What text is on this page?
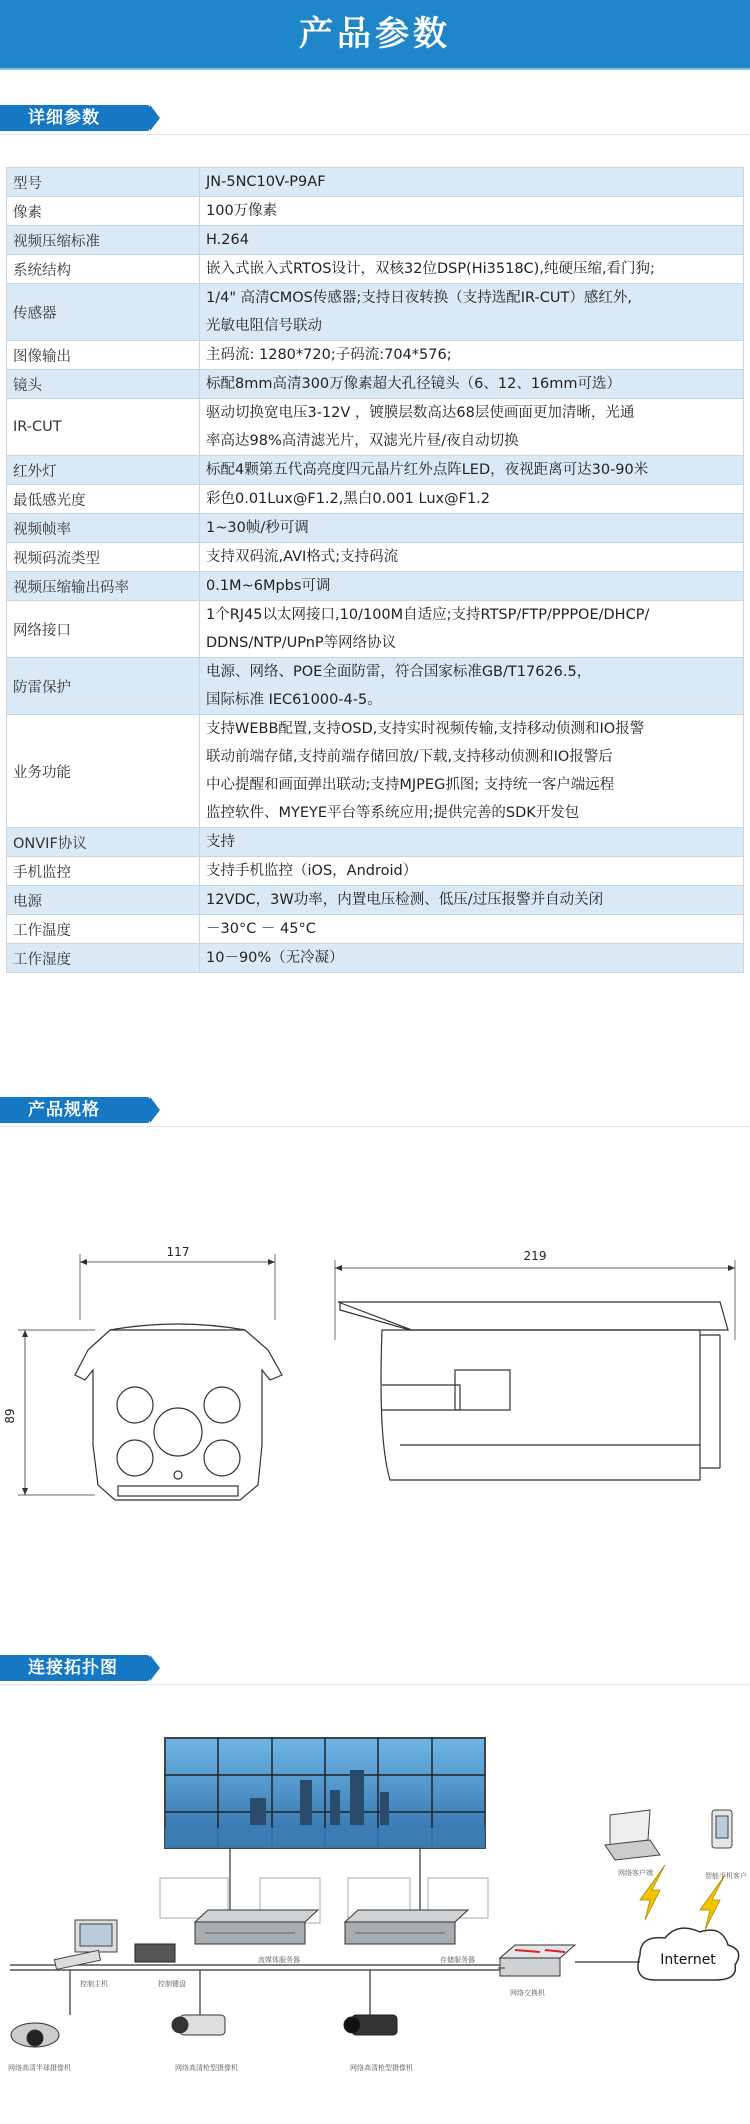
产品参数
详细参数
型号	JN-5NC10V-P9AF

像素	100万像素

视频压缩标准	H.264

系统结构	嵌入式嵌入式RTOS设计，双核32位DSP(Hi3518C),纯硬压缩,看门狗;

传感器	1/4" 高清CMOS传感器;支持日夜转换（支持选配IR-CUT）感红外,
光敏电阻信号联动

图像输出	主码流: 1280*720;子码流:704*576;

镜头	标配8mm高清300万像素超大孔径镜头（6、12、16mm可选）

IR-CUT	驱动切换宽电压3-12V ，镀膜层数高达68层使画面更加清晰，光通
率高达98%高清滤光片，双滤光片昼/夜自动切换

红外灯	标配4颗第五代高亮度四元晶片红外点阵LED，夜视距离可达30-90米

最低感光度	彩色0.01Lux@F1.2,黑白0.001 Lux@F1.2

视频帧率	1~30帧/秒可调

视频码流类型	支持双码流,AVI格式;支持码流

视频压缩输出码率	0.1M~6Mpbs可调

网络接口	1个RJ45以太网接口,10/100M自适应;支持RTSP/FTP/PPPOE/DHCP/
DDNS/NTP/UPnP等网络协议

防雷保护	电源、网络、POE全面防雷，符合国家标准GB/T17626.5，
国际标准 IEC61000-4-5。

业务功能	支持WEBB配置,支持OSD,支持实时视频传输,支持移动侦测和IO报警
联动前端存储,支持前端存储回放/下载,支持移动侦测和IO报警后
中心提醒和画面弹出联动;支持MJPEG抓图; 支持统一客户端远程
监控软件、MYEYE平台等系统应用;提供完善的SDK开发包

ONVIF协议	支持

手机监控	支持手机监控（iOS，Android）

电源	12VDC，3W功率，内置电压检测、低压/过压报警并自动关闭

工作温度	－30°C － 45°C

工作湿度	10－90%（无冷凝）
产品规格
117
89
219
连接拓扑图
控制主机	控制键盘
流媒体服务器	存储服务器
网络交换机
Internet
网络客户端	智能手机客户
网络高清半球摄像机	网络高清枪型摄像机	网络高清枪型摄像机
